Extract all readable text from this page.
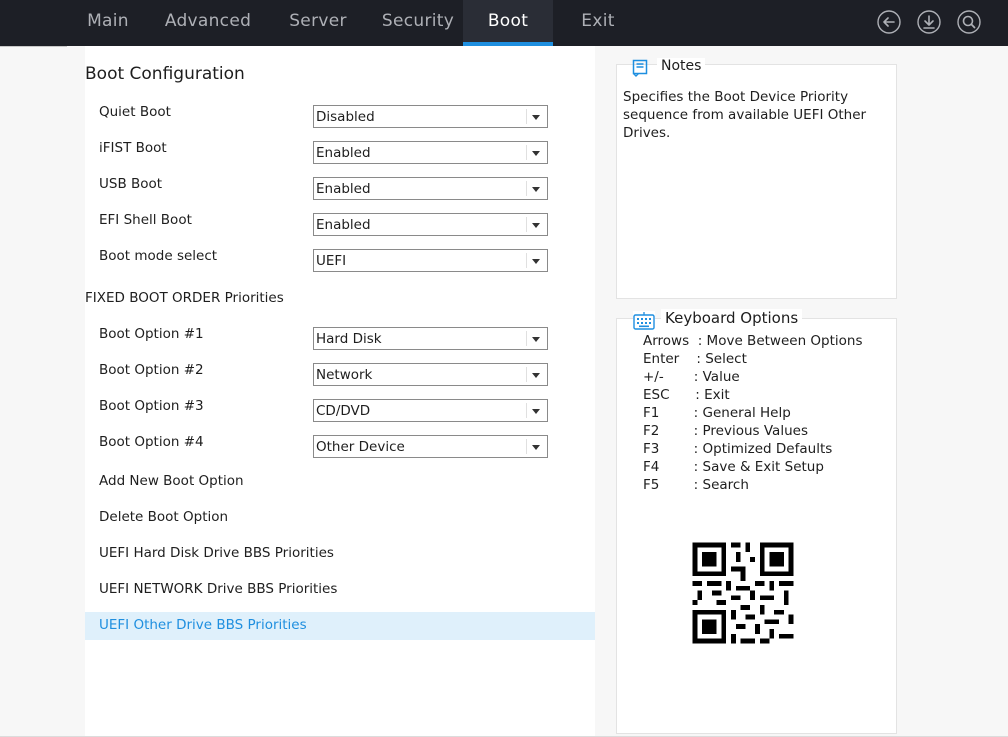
Main	Advanced	Server	Security	Boot	Exit
Boot Configuration
Quiet Boot	Disabled
iFIST Boot	Enabled
USB Boot	Enabled
EFI Shell Boot	Enabled
Boot mode select	UEFI
FIXED BOOT ORDER Priorities
Boot Option #1	Hard Disk
Boot Option #2	Network
Boot Option #3	CD/DVD
Boot Option #4	Other Device
Add New Boot Option
Delete Boot Option
UEFI Hard Disk Drive BBS Priorities
UEFI NETWORK Drive BBS Priorities
UEFI Other Drive BBS Priorities
Notes
Specifies the Boot Device Priority sequence from available UEFI Other Drives.
Keyboard Options
Arrows  : Move Between Options
Enter    : Select
+/-       : Value
ESC      : Exit
F1        : General Help
F2        : Previous Values
F3        : Optimized Defaults
F4        : Save & Exit Setup
F5        : Search
